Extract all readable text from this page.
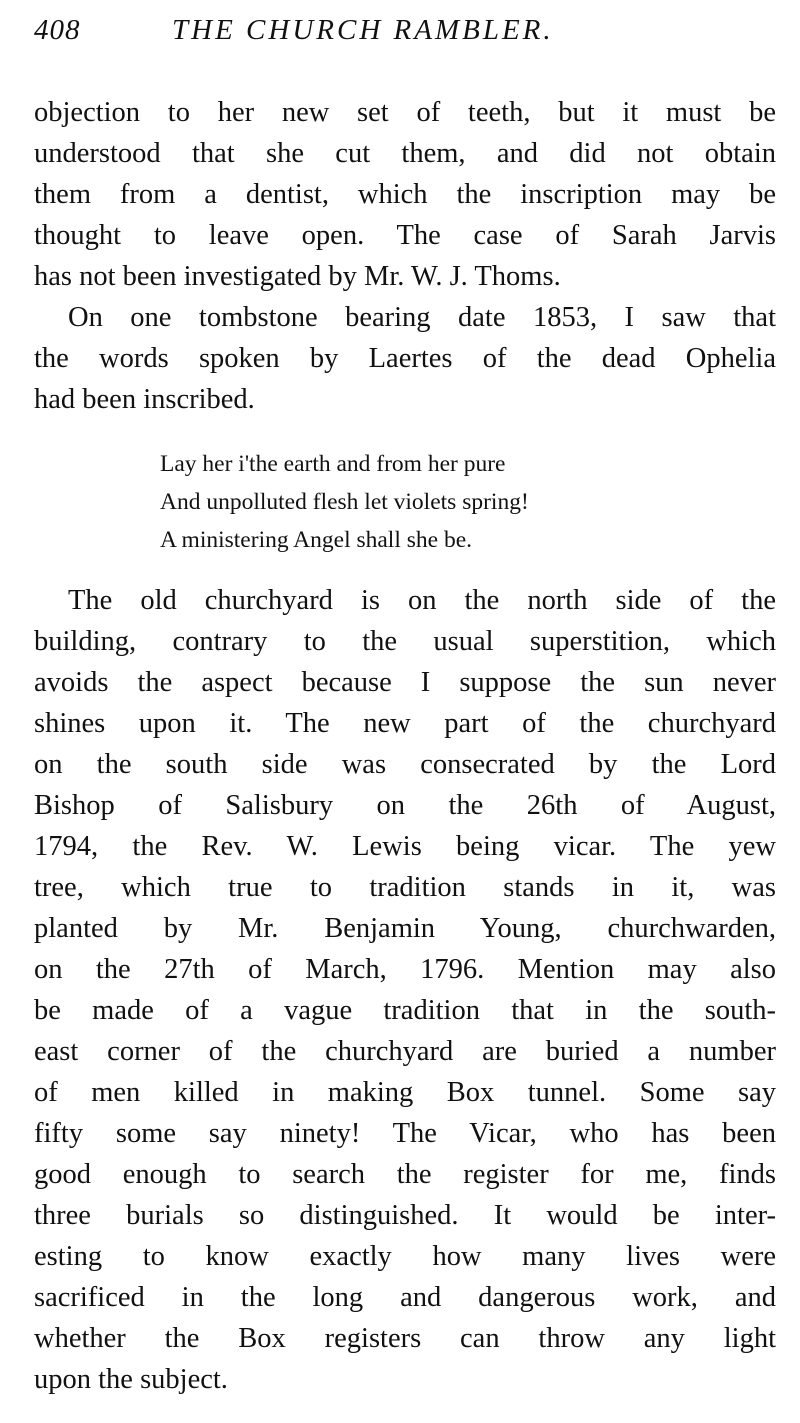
408	THE CHURCH RAMBLER.
objection to her new set of teeth, but it must be
understood that she cut them, and did not obtain
them from a dentist, which the inscription may be
thought to leave open. The case of Sarah Jarvis
has not been investigated by Mr. W. J. Thoms.
On one tombstone bearing date 1853, I saw that
the words spoken by Laertes of the dead Ophelia
had been inscribed.
Lay her i'the earth and from her pure
And unpolluted flesh let violets spring!
A ministering Angel shall she be.
The old churchyard is on the north side of the
building, contrary to the usual superstition, which
avoids the aspect because I suppose the sun never
shines upon it. The new part of the churchyard
on the south side was consecrated by the Lord
Bishop of Salisbury on the 26th of August,
1794, the Rev. W. Lewis being vicar. The yew
tree, which true to tradition stands in it, was
planted by Mr. Benjamin Young, churchwarden,
on the 27th of March, 1796. Mention may also
be made of a vague tradition that in the south-
east corner of the churchyard are buried a number
of men killed in making Box tunnel. Some say
fifty some say ninety! The Vicar, who has been
good enough to search the register for me, finds
three burials so distinguished. It would be inter-
esting to know exactly how many lives were
sacrificed in the long and dangerous work, and
whether the Box registers can throw any light
upon the subject.
